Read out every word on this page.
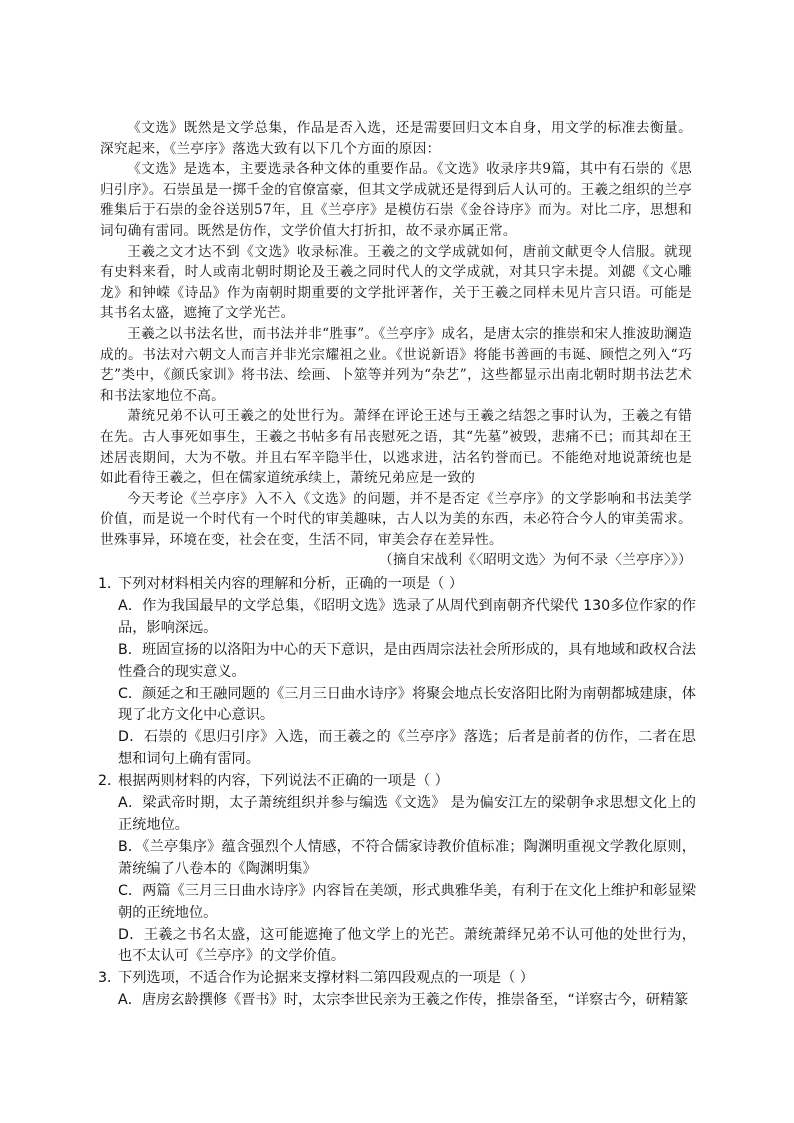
《文选》既然是文学总集，作品是否入选，还是需要回归文本自身，用文学的标准去衡量。深究起来，《兰亭序》落选大致有以下几个方面的原因：

《文选》是选本，主要选录各种文体的重要作品。《文选》收录序共9篇，其中有石崇的《思归引序》。石崇虽是一掷千金的官僚富豪，但其文学成就还是得到后人认可的。王羲之组织的兰亭雅集后于石崇的金谷送别57年，且《兰亭序》是模仿石崇《金谷诗序》而为。对比二序，思想和词句确有雷同。既然是仿作，文学价值大打折扣，故不录亦属正常。

王羲之文才达不到《文选》收录标准。王羲之的文学成就如何，唐前文献更令人信服。就现有史料来看，时人或南北朝时期论及王羲之同时代人的文学成就，对其只字未提。刘勰《文心雕龙》和钟嵘《诗品》作为南朝时期重要的文学批评著作，关于王羲之同样未见片言只语。可能是其书名太盛，遮掩了文学光芒。

王羲之以书法名世，而书法并非“胜事”。《兰亭序》成名，是唐太宗的推崇和宋人推波助澜造成的。书法对六朝文人而言并非光宗耀祖之业。《世说新语》将能书善画的韦诞、顾恺之列入“巧艺”类中，《颜氏家训》将书法、绘画、卜筮等并列为“杂艺”，这些都显示出南北朝时期书法艺术和书法家地位不高。

萧统兄弟不认可王羲之的处世行为。萧绎在评论王述与王羲之结怨之事时认为，王羲之有错在先。古人事死如事生，王羲之书帖多有吊丧慰死之语，其“先墓”被毁，悲痛不已；而其却在王述居丧期间，大为不敬。并且右军辛隐半仕，以逃求进，沽名钓誉而已。不能绝对地说萧统也是如此看待王羲之，但在儒家道统承续上，萧统兄弟应是一致的

今天考论《兰亭序》入不入《文选》的问题，并不是否定《兰亭序》的文学影响和书法美学价值，而是说一个时代有一个时代的审美趣味，古人以为美的东西，未必符合今人的审美需求。世殊事异，环境在变，社会在变，生活不同，审美会存在差异性。

（摘自宋战利《〈昭明文选〉为何不录〈兰亭序〉》）

1．下列对材料相关内容的理解和分析，正确的一项是（ ）

A．作为我国最早的文学总集，《昭明文选》选录了从周代到南朝齐代梁代 130多位作家的作品，影响深远。

B．班固宣扬的以洛阳为中心的天下意识，是由西周宗法社会所形成的，具有地域和政权合法性叠合的现实意义。

C．颜延之和王融同题的《三月三日曲水诗序》将聚会地点长安洛阳比附为南朝都城建康，体现了北方文化中心意识。

D．石崇的《思归引序》入选，而王羲之的《兰亭序》落选；后者是前者的仿作，二者在思想和词句上确有雷同。

2．根据两则材料的内容，下列说法不正确的一项是（ ）

A．梁武帝时期，太子萧统组织并参与编选《文选》 是为偏安江左的梁朝争求思想文化上的正统地位。

B．《兰亭集序》蕴含强烈个人情感，不符合儒家诗教价值标准；陶渊明重视文学教化原则，萧统编了八卷本的《陶渊明集》

C．两篇《三月三日曲水诗序》内容旨在美颂，形式典雅华美，有利于在文化上维护和彰显梁朝的正统地位。

D．王羲之书名太盛，这可能遮掩了他文学上的光芒。萧统萧绎兄弟不认可他的处世行为，也不太认可《兰亭序》的文学价值。

3．下列选项，不适合作为论据来支撑材料二第四段观点的一项是（ ）

A．唐房玄龄撰修《晋书》时，太宗李世民亲为王羲之作传，推崇备至，“详察古今，研精篆
